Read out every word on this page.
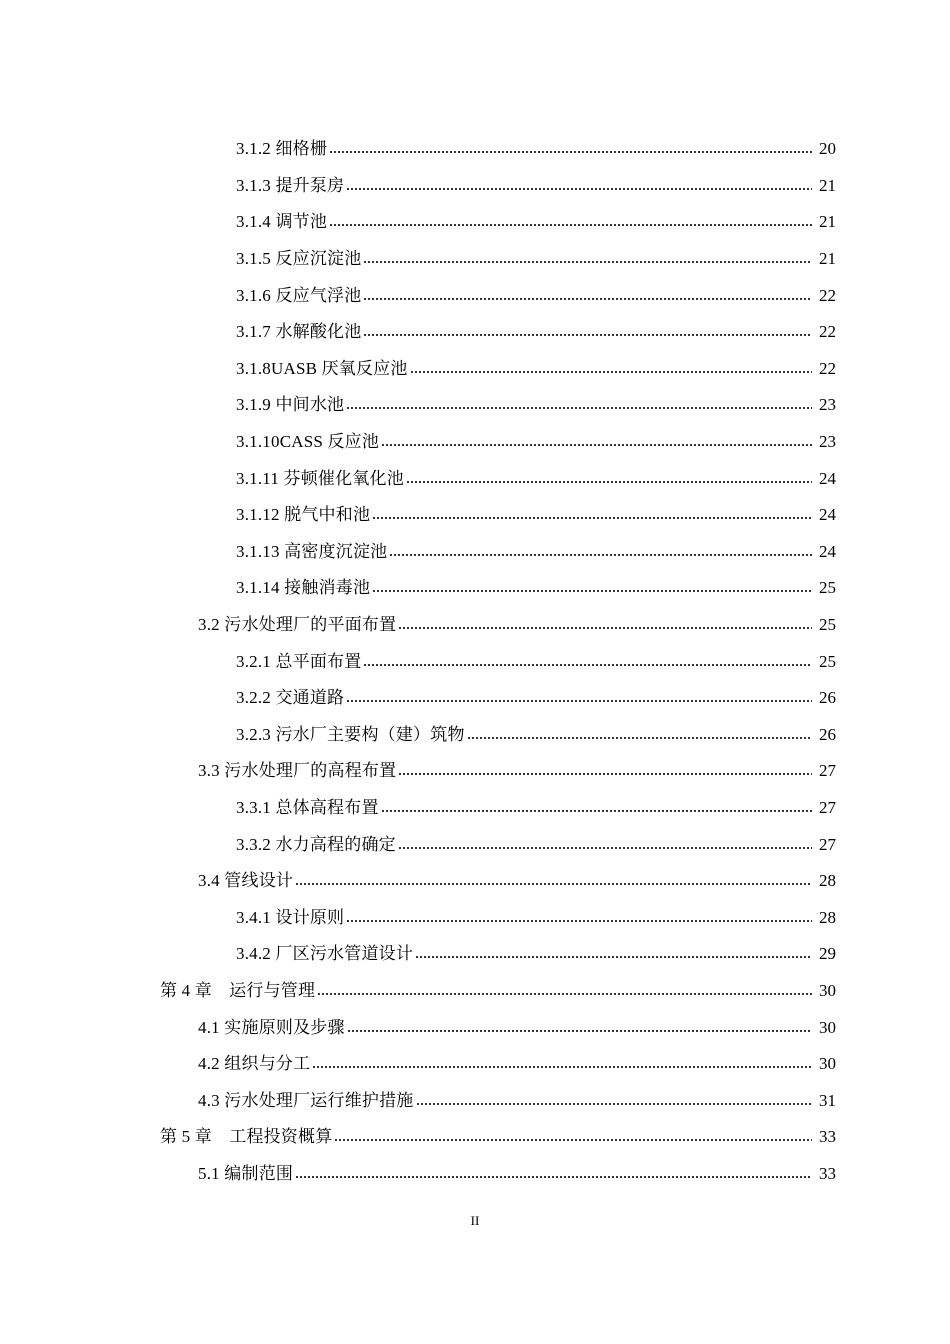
3.1.2 细格栅	20
3.1.3 提升泵房	21
3.1.4 调节池	21
3.1.5 反应沉淀池	21
3.1.6 反应气浮池	22
3.1.7 水解酸化池	22
3.1.8UASB 厌氧反应池	22
3.1.9 中间水池	23
3.1.10CASS 反应池	23
3.1.11 芬顿催化氧化池	24
3.1.12 脱气中和池	24
3.1.13 高密度沉淀池	24
3.1.14 接触消毒池	25
3.2 污水处理厂的平面布置	25
3.2.1 总平面布置	25
3.2.2 交通道路	26
3.2.3 污水厂主要构（建）筑物	26
3.3 污水处理厂的高程布置	27
3.3.1 总体高程布置	27
3.3.2 水力高程的确定	27
3.4 管线设计	28
3.4.1 设计原则	28
3.4.2 厂区污水管道设计	29
第 4 章　运行与管理	30
4.1 实施原则及步骤	30
4.2 组织与分工	30
4.3 污水处理厂运行维护措施	31
第 5 章　工程投资概算	33
5.1 编制范围	33
II
